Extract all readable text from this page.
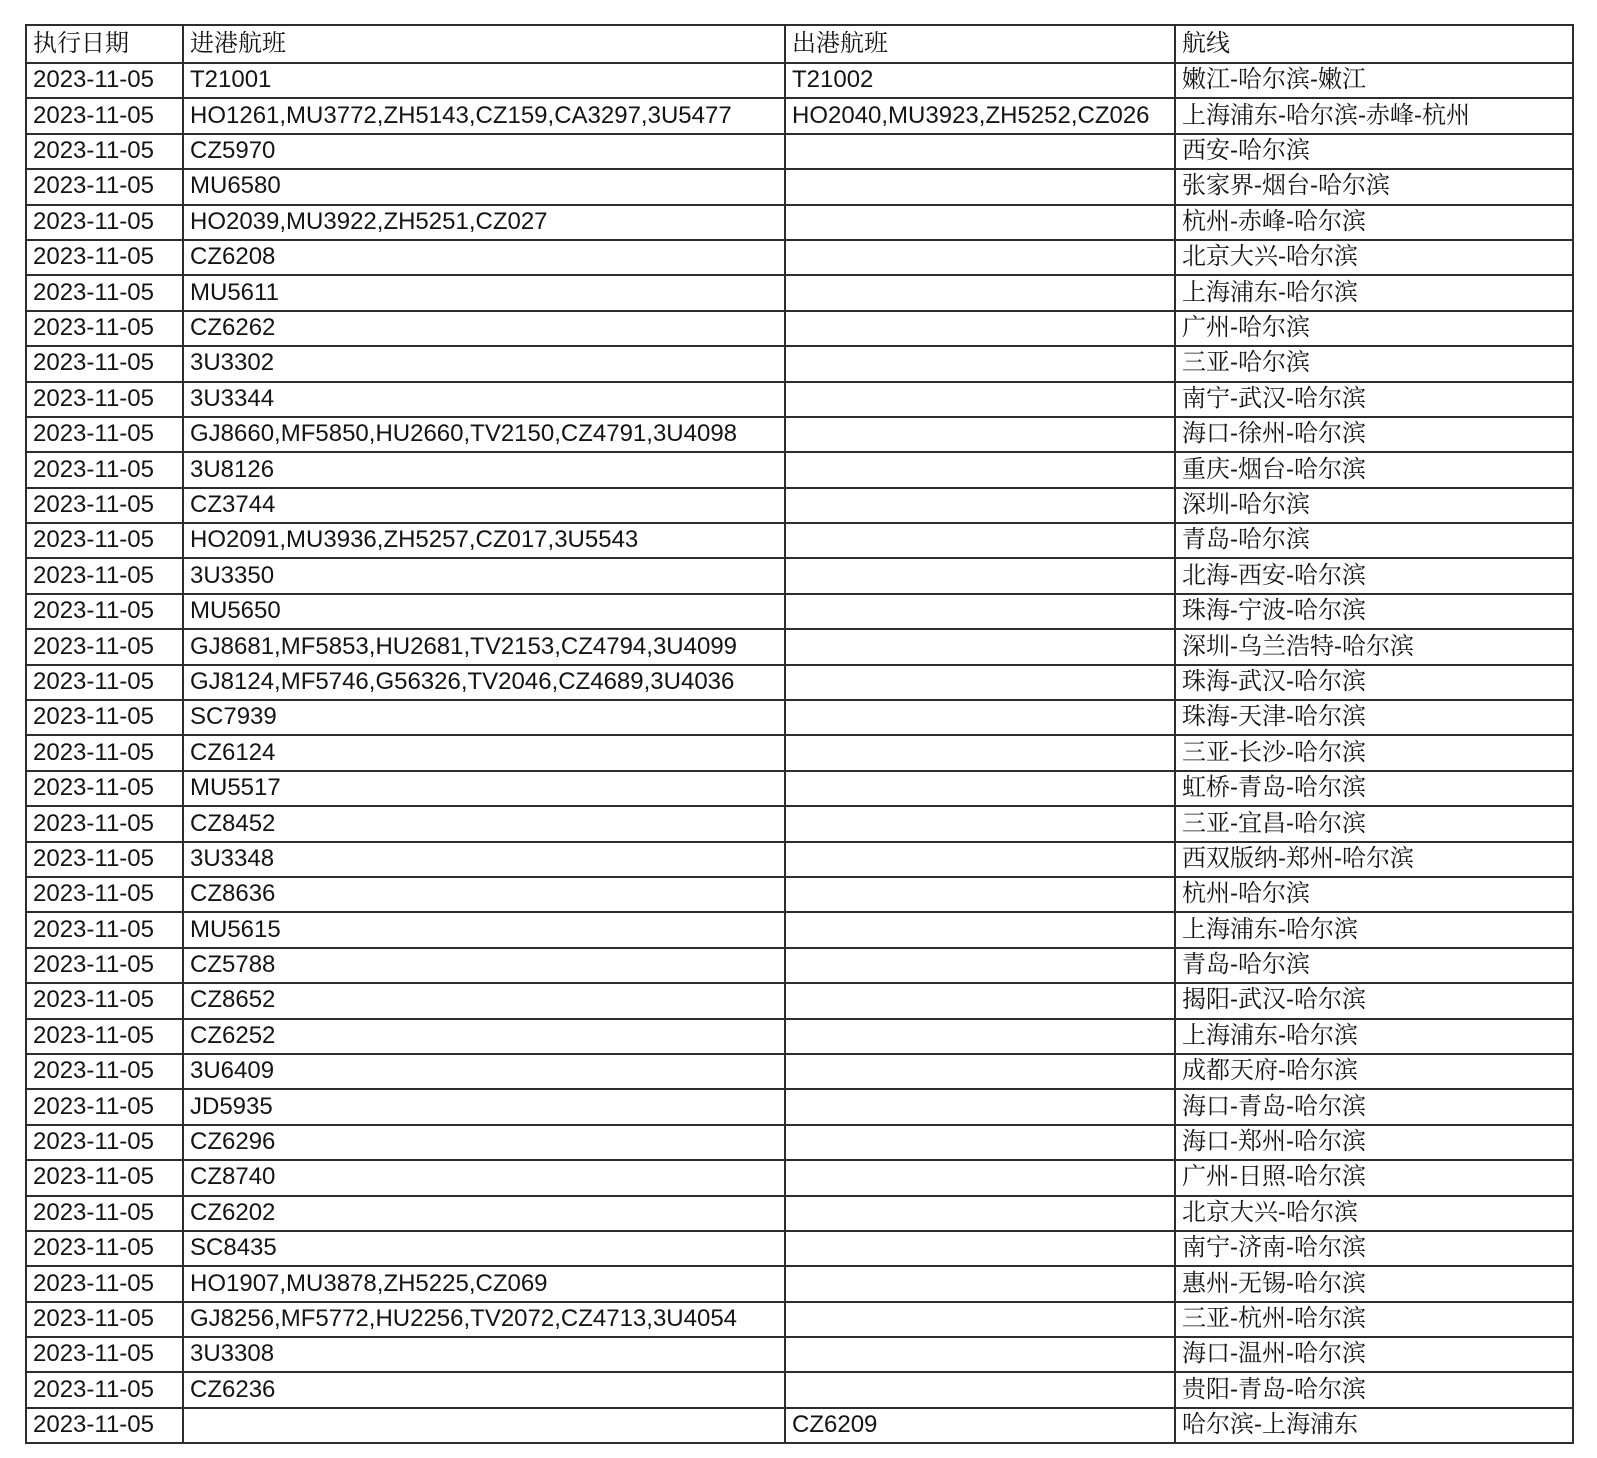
执行日期	进港航班	出港航班	航线
2023-11-05	T21001	T21002	嫩江-哈尔滨-嫩江
2023-11-05	HO1261,MU3772,ZH5143,CZ159,CA3297,3U5477	HO2040,MU3923,ZH5252,CZ026	上海浦东-哈尔滨-赤峰-杭州
2023-11-05	CZ5970		西安-哈尔滨
2023-11-05	MU6580		张家界-烟台-哈尔滨
2023-11-05	HO2039,MU3922,ZH5251,CZ027		杭州-赤峰-哈尔滨
2023-11-05	CZ6208		北京大兴-哈尔滨
2023-11-05	MU5611		上海浦东-哈尔滨
2023-11-05	CZ6262		广州-哈尔滨
2023-11-05	3U3302		三亚-哈尔滨
2023-11-05	3U3344		南宁-武汉-哈尔滨
2023-11-05	GJ8660,MF5850,HU2660,TV2150,CZ4791,3U4098		海口-徐州-哈尔滨
2023-11-05	3U8126		重庆-烟台-哈尔滨
2023-11-05	CZ3744		深圳-哈尔滨
2023-11-05	HO2091,MU3936,ZH5257,CZ017,3U5543		青岛-哈尔滨
2023-11-05	3U3350		北海-西安-哈尔滨
2023-11-05	MU5650		珠海-宁波-哈尔滨
2023-11-05	GJ8681,MF5853,HU2681,TV2153,CZ4794,3U4099		深圳-乌兰浩特-哈尔滨
2023-11-05	GJ8124,MF5746,G56326,TV2046,CZ4689,3U4036		珠海-武汉-哈尔滨
2023-11-05	SC7939		珠海-天津-哈尔滨
2023-11-05	CZ6124		三亚-长沙-哈尔滨
2023-11-05	MU5517		虹桥-青岛-哈尔滨
2023-11-05	CZ8452		三亚-宜昌-哈尔滨
2023-11-05	3U3348		西双版纳-郑州-哈尔滨
2023-11-05	CZ8636		杭州-哈尔滨
2023-11-05	MU5615		上海浦东-哈尔滨
2023-11-05	CZ5788		青岛-哈尔滨
2023-11-05	CZ8652		揭阳-武汉-哈尔滨
2023-11-05	CZ6252		上海浦东-哈尔滨
2023-11-05	3U6409		成都天府-哈尔滨
2023-11-05	JD5935		海口-青岛-哈尔滨
2023-11-05	CZ6296		海口-郑州-哈尔滨
2023-11-05	CZ8740		广州-日照-哈尔滨
2023-11-05	CZ6202		北京大兴-哈尔滨
2023-11-05	SC8435		南宁-济南-哈尔滨
2023-11-05	HO1907,MU3878,ZH5225,CZ069		惠州-无锡-哈尔滨
2023-11-05	GJ8256,MF5772,HU2256,TV2072,CZ4713,3U4054		三亚-杭州-哈尔滨
2023-11-05	3U3308		海口-温州-哈尔滨
2023-11-05	CZ6236		贵阳-青岛-哈尔滨
2023-11-05		CZ6209	哈尔滨-上海浦东
